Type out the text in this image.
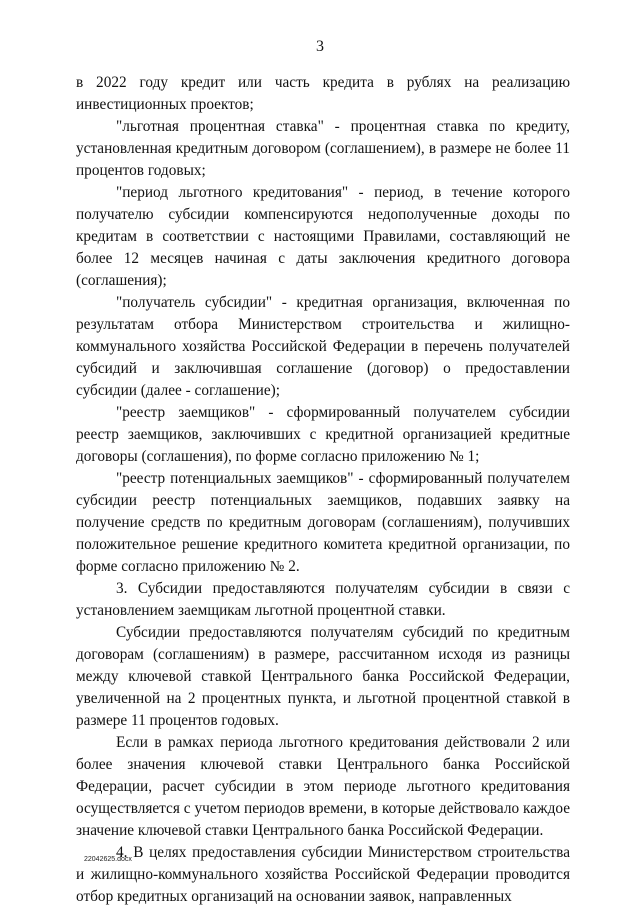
3

в 2022 году кредит или часть кредита в рублях на реализацию инвестиционных проектов;

"льготная процентная ставка" - процентная ставка по кредиту, установленная кредитным договором (соглашением), в размере не более 11 процентов годовых;

"период льготного кредитования" - период, в течение которого получателю субсидии компенсируются недополученные доходы по кредитам в соответствии с настоящими Правилами, составляющий не более 12 месяцев начиная с даты заключения кредитного договора (соглашения);

"получатель субсидии" - кредитная организация, включенная по результатам отбора Министерством строительства и жилищно-коммунального хозяйства Российской Федерации в перечень получателей субсидий и заключившая соглашение (договор) о предоставлении субсидии (далее - соглашение);

"реестр заемщиков" - сформированный получателем субсидии реестр заемщиков, заключивших с кредитной организацией кредитные договоры (соглашения), по форме согласно приложению № 1;

"реестр потенциальных заемщиков" - сформированный получателем субсидии реестр потенциальных заемщиков, подавших заявку на получение средств по кредитным договорам (соглашениям), получивших положительное решение кредитного комитета кредитной организации, по форме согласно приложению № 2.

3. Субсидии предоставляются получателям субсидии в связи с установлением заемщикам льготной процентной ставки.

Субсидии предоставляются получателям субсидий по кредитным договорам (соглашениям) в размере, рассчитанном исходя из разницы между ключевой ставкой Центрального банка Российской Федерации, увеличенной на 2 процентных пункта, и льготной процентной ставкой в размере 11 процентов годовых.

Если в рамках периода льготного кредитования действовали 2 или более значения ключевой ставки Центрального банка Российской Федерации, расчет субсидии в этом периоде льготного кредитования осуществляется с учетом периодов времени, в которые действовало каждое значение ключевой ставки Центрального банка Российской Федерации.

4. В целях предоставления субсидии Министерством строительства и жилищно-коммунального хозяйства Российской Федерации проводится отбор кредитных организаций на основании заявок, направленных

22042625.docx
